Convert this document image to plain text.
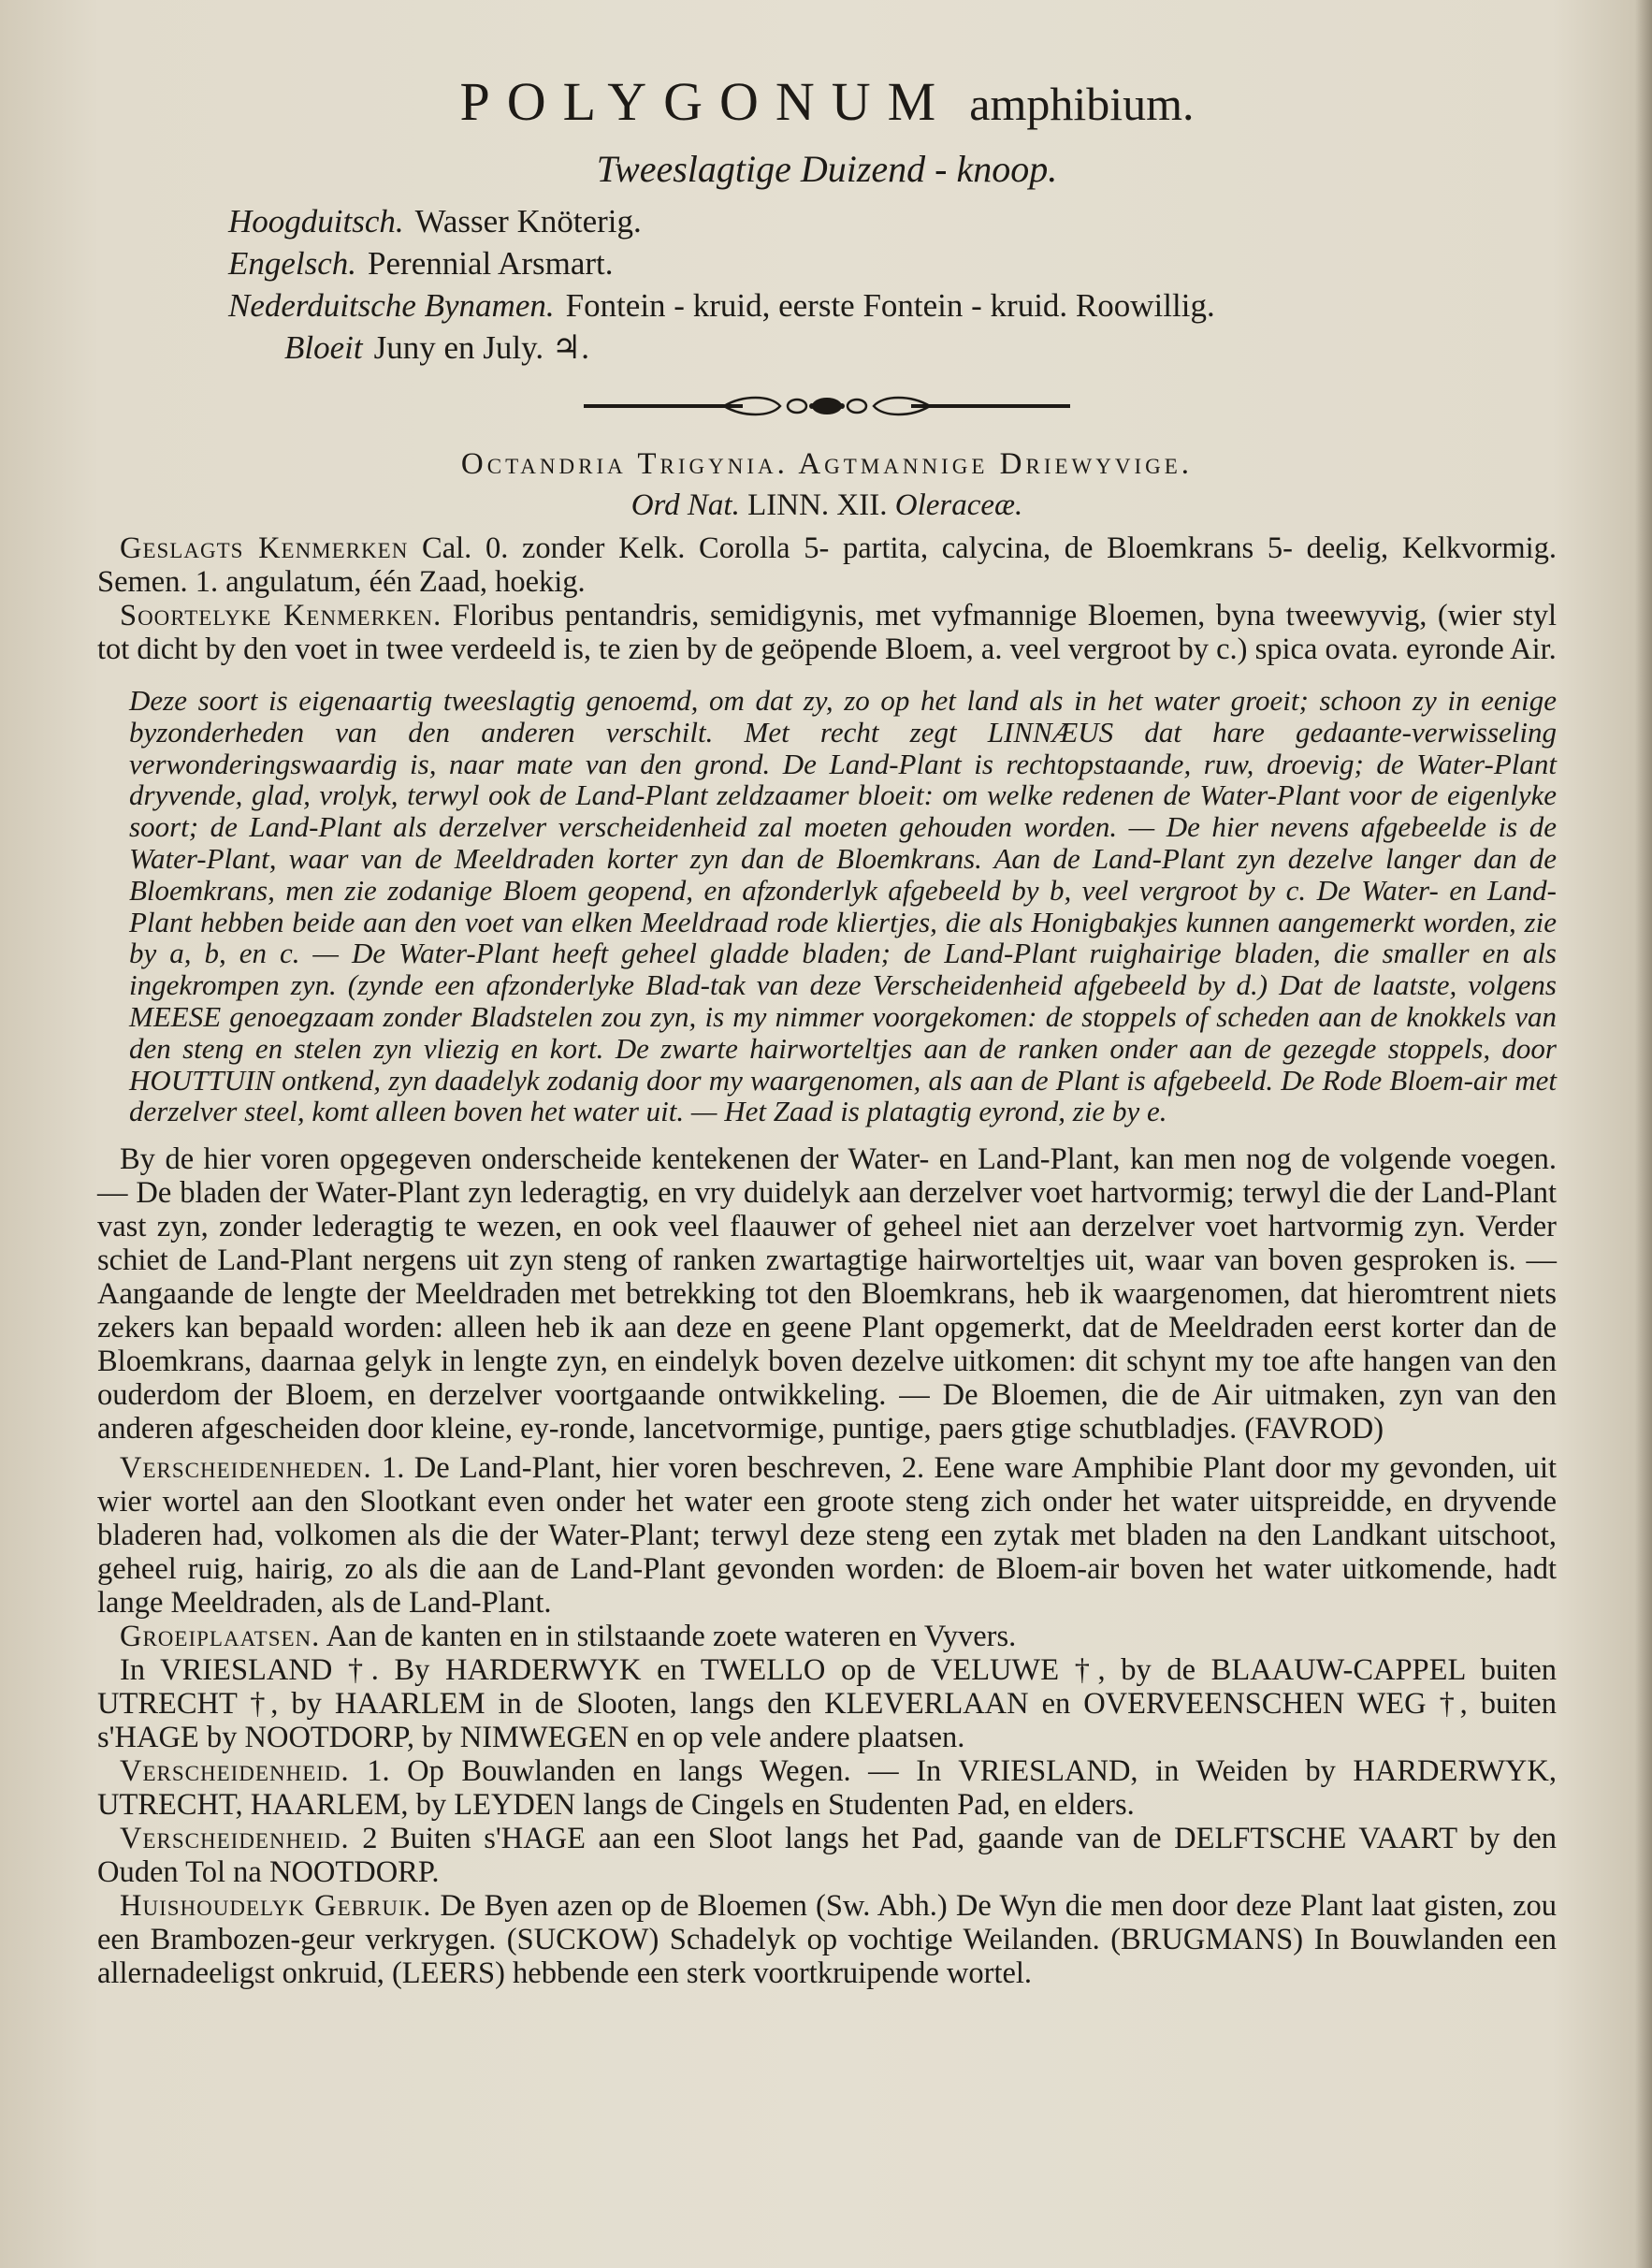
POLYGONUM amphibium.
Tweeslagtige Duizend - knoop.
Hoogduitsch. Wasser Knöterig.
Engelsch. Perennial Arsmart.
Nederduitsche Bynamen. Fontein - kruid, eerste Fontein - kruid. Roowillig.
Bloeit Juny en July. ♃.
Octandria Trigynia. Agtmannige Driewyvige.
Ord Nat. LINN. XII. Oleraceæ.

Geslagts Kenmerken Cal. 0. zonder Kelk. Corolla 5- partita, calycina, de Bloemkrans 5- deelig, Kelkvormig. Semen. 1. angulatum, één Zaad, hoekig.

Soortelyke Kenmerken. Floribus pentandris, semidigynis, met vyfmannige Bloemen, byna tweewyvig, (wier styl tot dicht by den voet in twee verdeeld is, te zien by de geöpende Bloem, a. veel vergroot by c.) spica ovata. eyronde Air.

Deze soort is eigenaartig tweeslagtig genoemd, om dat zy, zo op het land als in het water groeit; schoon zy in eenige byzonderheden van den anderen verschilt. Met recht zegt LINNÆUS dat hare gedaante-verwisseling verwonderingswaardig is, naar mate van den grond. De Land-Plant is rechtopstaande, ruw, droevig; de Water-Plant dryvende, glad, vrolyk, terwyl ook de Land-Plant zeldzaamer bloeit: om welke redenen de Water-Plant voor de eigenlyke soort; de Land-Plant als derzelver verscheidenheid zal moeten gehouden worden. — De hier nevens afgebeelde is de Water-Plant, waar van de Meeldraden korter zyn dan de Bloemkrans. Aan de Land-Plant zyn dezelve langer dan de Bloemkrans, men zie zodanige Bloem geopend, en afzonderlyk afgebeeld by b, veel vergroot by c. De Water- en Land-Plant hebben beide aan den voet van elken Meeldraad rode kliertjes, die als Honigbakjes kunnen aangemerkt worden, zie by a, b, en c. — De Water-Plant heeft geheel gladde bladen; de Land-Plant ruighairige bladen, die smaller en als ingekrompen zyn. (zynde een afzonderlyke Blad-tak van deze Verscheidenheid afgebeeld by d.) Dat de laatste, volgens MEESE genoegzaam zonder Bladstelen zou zyn, is my nimmer voorgekomen: de stoppels of scheden aan de knokkels van den steng en stelen zyn vliezig en kort. De zwarte hairworteltjes aan de ranken onder aan de gezegde stoppels, door HOUTTUIN ontkend, zyn daadelyk zodanig door my waargenomen, als aan de Plant is afgebeeld. De Rode Bloem-air met derzelver steel, komt alleen boven het water uit. — Het Zaad is platagtig eyrond, zie by e.

By de hier voren opgegeven onderscheide kentekenen der Water- en Land-Plant, kan men nog de volgende voegen. — De bladen der Water-Plant zyn lederagtig, en vry duidelyk aan derzelver voet hartvormig; terwyl die der Land-Plant vast zyn, zonder lederagtig te wezen, en ook veel flaauwer of geheel niet aan derzelver voet hartvormig zyn. Verder schiet de Land-Plant nergens uit zyn steng of ranken zwartagtige hairworteltjes uit, waar van boven gesproken is. — Aangaande de lengte der Meeldraden met betrekking tot den Bloemkrans, heb ik waargenomen, dat hieromtrent niets zekers kan bepaald worden: alleen heb ik aan deze en geene Plant opgemerkt, dat de Meeldraden eerst korter dan de Bloemkrans, daarnaa gelyk in lengte zyn, en eindelyk boven dezelve uitkomen: dit schynt my toe afte hangen van den ouderdom der Bloem, en derzelver voortgaande ontwikkeling. — De Bloemen, die de Air uitmaken, zyn van den anderen afgescheiden door kleine, ey-ronde, lancetvormige, puntige, paers gtige schutbladjes. (FAVROD)

Verscheidenheden. 1. De Land-Plant, hier voren beschreven, 2. Eene ware Amphibie Plant door my gevonden, uit wier wortel aan den Slootkant even onder het water een groote steng zich onder het water uitspreidde, en dryvende bladeren had, volkomen als die der Water-Plant; terwyl deze steng een zytak met bladen na den Landkant uitschoot, geheel ruig, hairig, zo als die aan de Land-Plant gevonden worden: de Bloem-air boven het water uitkomende, hadt lange Meeldraden, als de Land-Plant.

Groeiplaatsen. Aan de kanten en in stilstaande zoete wateren en Vyvers.

In VRIESLAND †. By HARDERWYK en TWELLO op de VELUWE †, by de BLAAUW-CAPPEL buiten UTRECHT †, by HAARLEM in de Slooten, langs den KLEVERLAAN en OVERVEENSCHEN WEG †, buiten s'HAGE by NOOTDORP, by NIMWEGEN en op vele andere plaatsen.

Verscheidenheid. 1. Op Bouwlanden en langs Wegen. — In VRIESLAND, in Weiden by HARDERWYK, UTRECHT, HAARLEM, by LEYDEN langs de Cingels en Studenten Pad, en elders.

Verscheidenheid. 2 Buiten s'HAGE aan een Sloot langs het Pad, gaande van de DELFTSCHE VAART by den Ouden Tol na NOOTDORP.

Huishoudelyk Gebruik. De Byen azen op de Bloemen (Sw. Abh.) De Wyn die men door deze Plant laat gisten, zou een Brambozen-geur verkrygen. (SUCKOW) Schadelyk op vochtige Weilanden. (BRUGMANS) In Bouwlanden een allernadeeligst onkruid, (LEERS) hebbende een sterk voortkruipende wortel.
